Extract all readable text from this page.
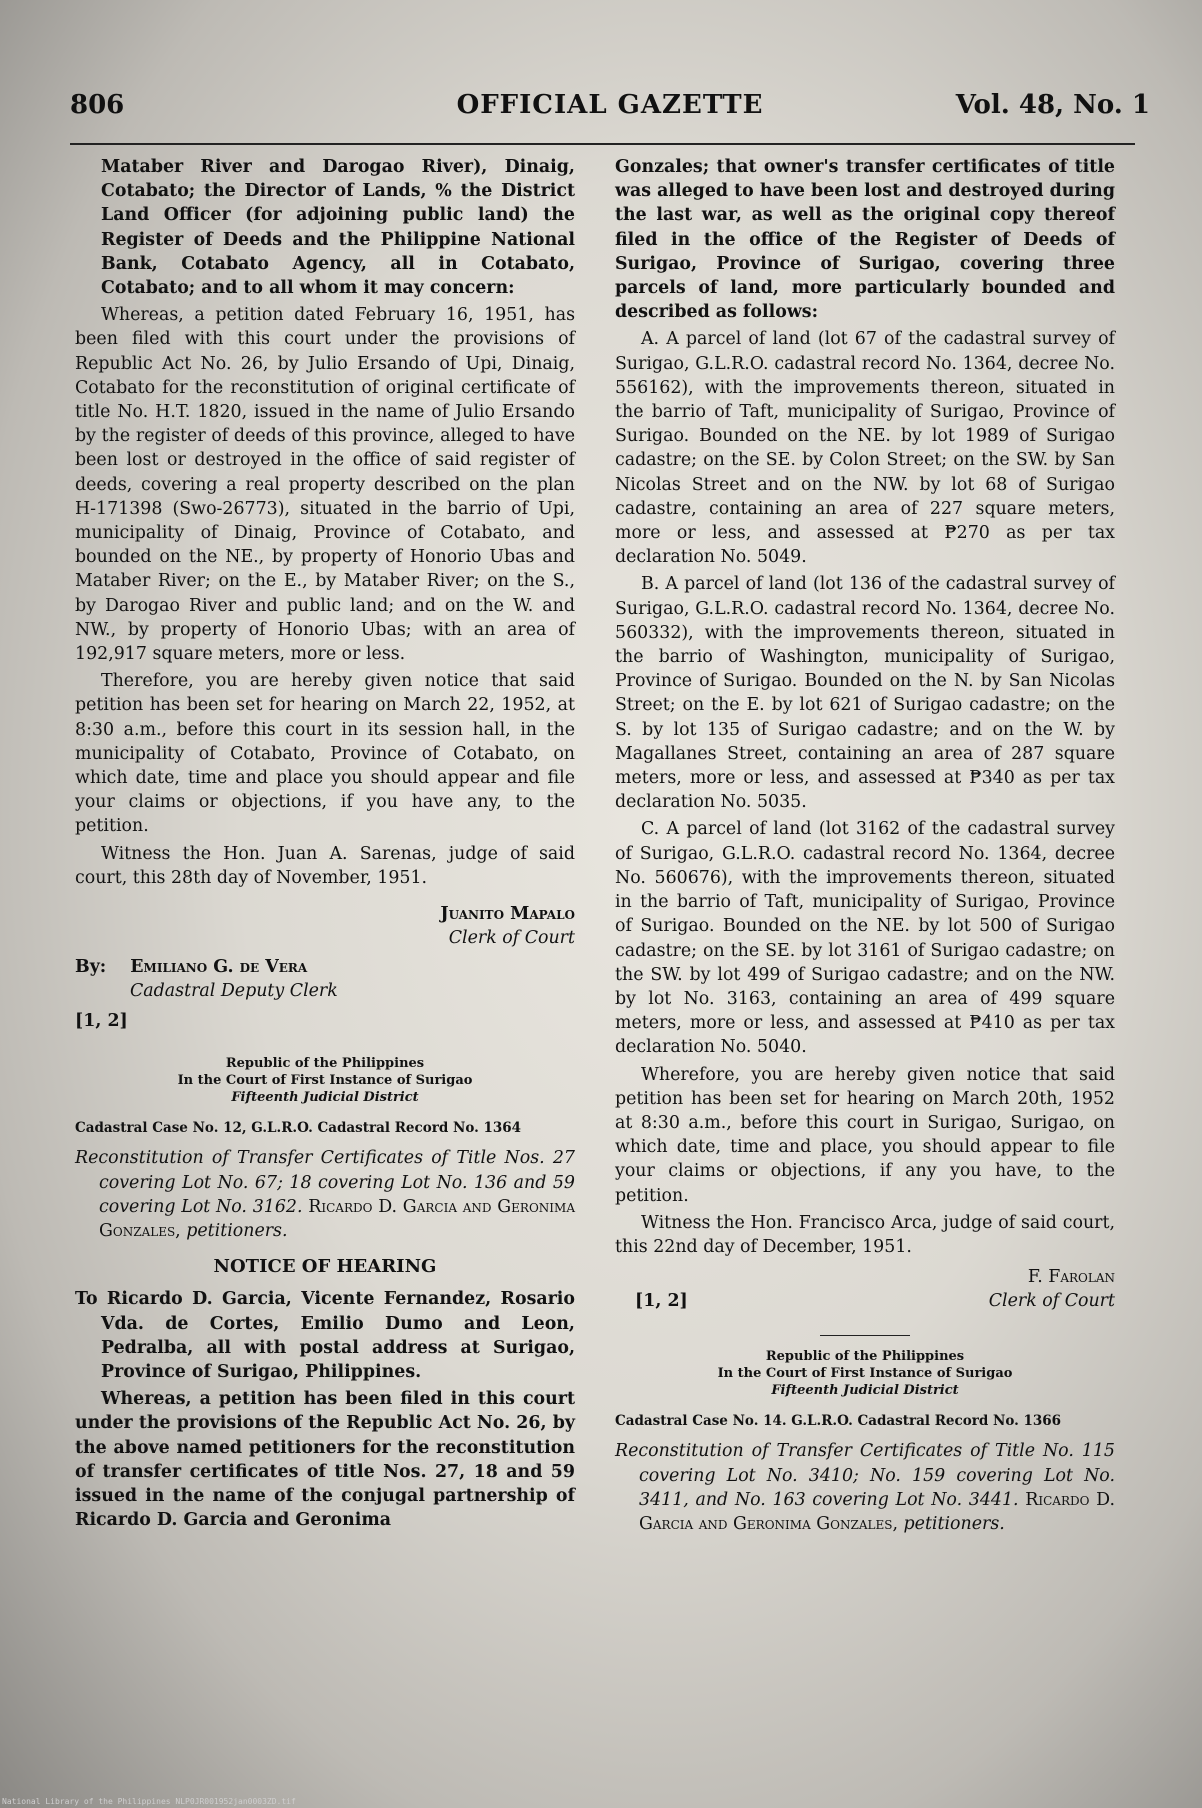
806	OFFICIAL GAZETTE	Vol. 48, No. 1

Mataber River and Darogao River), Dinaig, Cotabato; the Director of Lands, % the District Land Officer (for adjoining public land) the Register of Deeds and the Philippine National Bank, Cotabato Agency, all in Cotabato, Cotabato; and to all whom it may concern:

Whereas, a petition dated February 16, 1951, has been filed with this court under the provisions of Republic Act No. 26, by Julio Ersando of Upi, Dinaig, Cotabato for the reconstitution of original certificate of title No. H.T. 1820, issued in the name of Julio Ersando by the register of deeds of this province, alleged to have been lost or destroyed in the office of said register of deeds, covering a real property described on the plan H-171398 (Swo-26773), situated in the barrio of Upi, municipality of Dinaig, Province of Cotabato, and bounded on the NE., by property of Honorio Ubas and Mataber River; on the E., by Mataber River; on the S., by Darogao River and public land; and on the W. and NW., by property of Honorio Ubas; with an area of 192,917 square meters, more or less.

Therefore, you are hereby given notice that said petition has been set for hearing on March 22, 1952, at 8:30 a.m., before this court in its session hall, in the municipality of Cotabato, Province of Cotabato, on which date, time and place you should appear and file your claims or objections, if you have any, to the petition.

Witness the Hon. Juan A. Sarenas, judge of said court, this 28th day of November, 1951.

Juanito Mapalo
Clerk of Court
By: Emiliano G. de Vera
Cadastral Deputy Clerk
[1, 2]
Republic of the Philippines
In the Court of First Instance of Surigao
Fifteenth Judicial District
Cadastral Case No. 12, G.L.R.O. Cadastral Record No. 1364
Reconstitution of Transfer Certificates of Title Nos. 27 covering Lot No. 67; 18 covering Lot No. 136 and 59 covering Lot No. 3162. Ricardo D. Garcia and Geronima Gonzales, petitioners.
NOTICE OF HEARING

To Ricardo D. Garcia, Vicente Fernandez, Rosario Vda. de Cortes, Emilio Dumo and Leon, Pedralba, all with postal address at Surigao, Province of Surigao, Philippines.

Whereas, a petition has been filed in this court under the provisions of the Republic Act No. 26, by the above named petitioners for the reconstitution of transfer certificates of title Nos. 27, 18 and 59 issued in the name of the conjugal partnership of Ricardo D. Garcia and Geronima

Gonzales; that owner's transfer certificates of title was alleged to have been lost and destroyed during the last war, as well as the original copy thereof filed in the office of the Register of Deeds of Surigao, Province of Surigao, covering three parcels of land, more particularly bounded and described as follows:

A. A parcel of land (lot 67 of the cadastral survey of Surigao, G.L.R.O. cadastral record No. 1364, decree No. 556162), with the improvements thereon, situated in the barrio of Taft, municipality of Surigao, Province of Surigao. Bounded on the NE. by lot 1989 of Surigao cadastre; on the SE. by Colon Street; on the SW. by San Nicolas Street and on the NW. by lot 68 of Surigao cadastre, containing an area of 227 square meters, more or less, and assessed at ₱270 as per tax declaration No. 5049.

B. A parcel of land (lot 136 of the cadastral survey of Surigao, G.L.R.O. cadastral record No. 1364, decree No. 560332), with the improvements thereon, situated in the barrio of Washington, municipality of Surigao, Province of Surigao. Bounded on the N. by San Nicolas Street; on the E. by lot 621 of Surigao cadastre; on the S. by lot 135 of Surigao cadastre; and on the W. by Magallanes Street, containing an area of 287 square meters, more or less, and assessed at ₱340 as per tax declaration No. 5035.

C. A parcel of land (lot 3162 of the cadastral survey of Surigao, G.L.R.O. cadastral record No. 1364, decree No. 560676), with the improvements thereon, situated in the barrio of Taft, municipality of Surigao, Province of Surigao. Bounded on the NE. by lot 500 of Surigao cadastre; on the SE. by lot 3161 of Surigao cadastre; on the SW. by lot 499 of Surigao cadastre; and on the NW. by lot No. 3163, containing an area of 499 square meters, more or less, and assessed at ₱410 as per tax declaration No. 5040.

Wherefore, you are hereby given notice that said petition has been set for hearing on March 20th, 1952 at 8:30 a.m., before this court in Surigao, Surigao, on which date, time and place, you should appear to file your claims or objections, if any you have, to the petition.

Witness the Hon. Francisco Arca, judge of said court, this 22nd day of December, 1951.

F. Farolan
[1, 2]	Clerk of Court
Republic of the Philippines
In the Court of First Instance of Surigao
Fifteenth Judicial District
Cadastral Case No. 14. G.L.R.O. Cadastral Record No. 1366
Reconstitution of Transfer Certificates of Title No. 115 covering Lot No. 3410; No. 159 covering Lot No. 3411, and No. 163 covering Lot No. 3441. Ricardo D. Garcia and Geronima Gonzales, petitioners.
National Library of the Philippines NLP0JR001952jan0003ZD.tif
